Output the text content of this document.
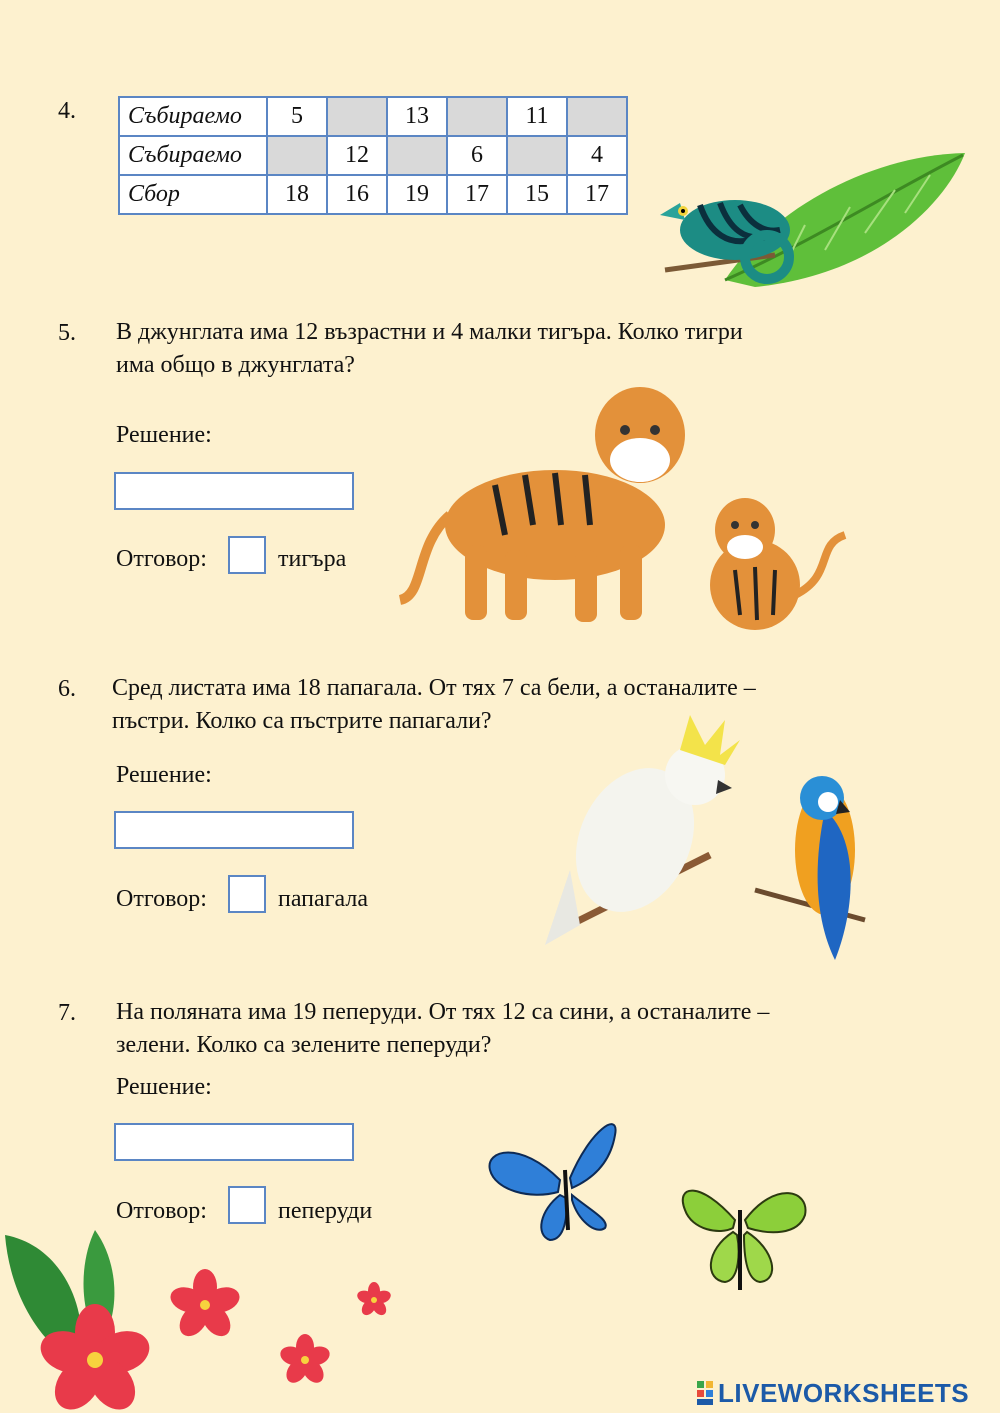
4. Събираемо	5		13		11	
Събираемо		12		6		4
Сбор	18	16	19	17	15	17
5. В джунглата има 12 възрастни и 4 малки тигъра. Колко тигри
има общо в джунглата?
Решение:
Отговор:	тигъра
6. Сред листата има 18 папагала. От тях 7 са бели, а останалите –
пъстри. Колко са пъстрите папагали?
Решение:
Отговор:	папагала
7. На поляната има 19 пеперуди. От тях 12 са сини, а останалите –
зелени. Колко са зелените пеперуди?
Решение:
Отговор:	пеперуди
LIVEWORKSHEETS
